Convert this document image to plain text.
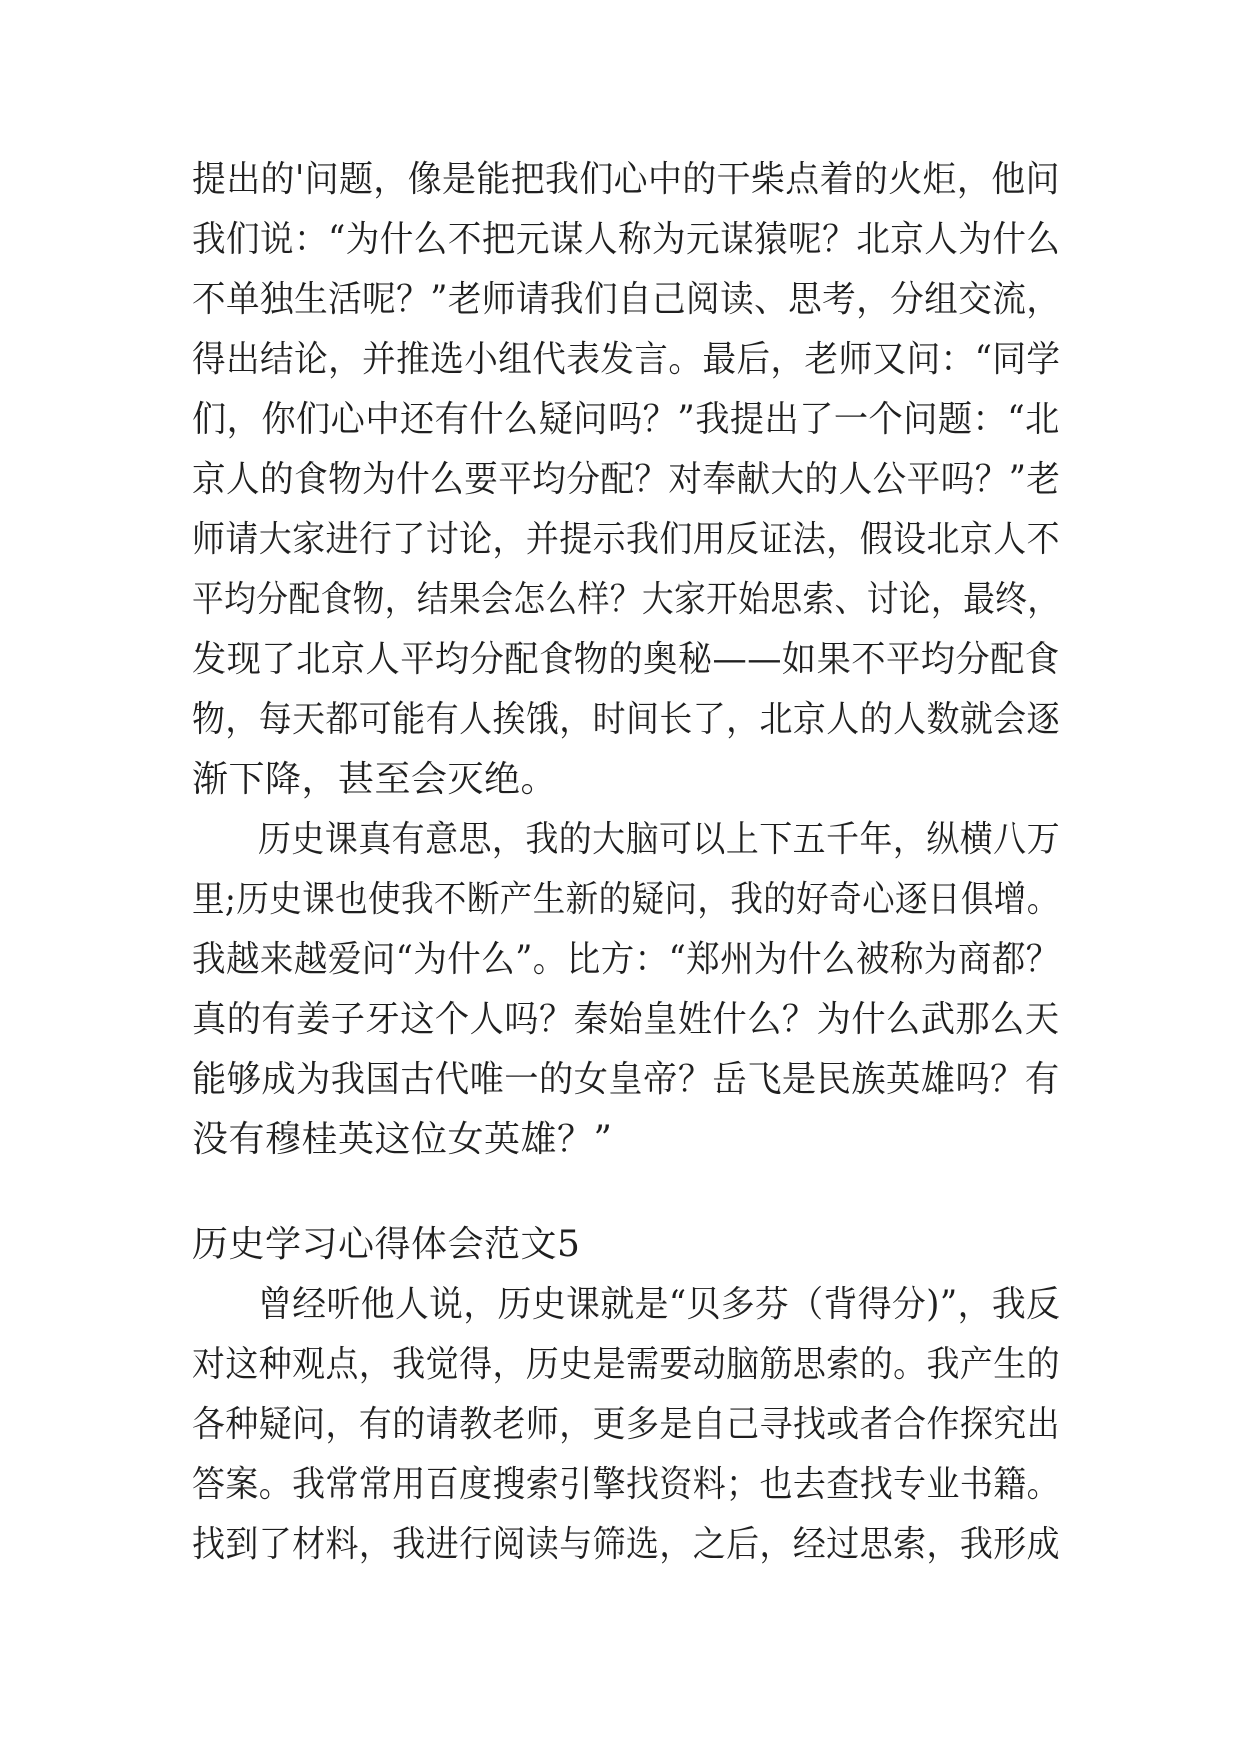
提出的'问题，像是能把我们心中的干柴点着的火炬，他问
我们说：“为什么不把元谋人称为元谋猿呢？北京人为什么
不单独生活呢？”老师请我们自己阅读、思考，分组交流，
得出结论，并推选小组代表发言。最后，老师又问：“同学
们，你们心中还有什么疑问吗？”我提出了一个问题：“北
京人的食物为什么要平均分配？对奉献大的人公平吗？”老
师请大家进行了讨论，并提示我们用反证法，假设北京人不
平均分配食物，结果会怎么样？大家开始思索、讨论，最终，
发现了北京人平均分配食物的奥秘——如果不平均分配食
物，每天都可能有人挨饿，时间长了，北京人的人数就会逐
渐下降，甚至会灭绝。
历史课真有意思，我的大脑可以上下五千年，纵横八万
里;历史课也使我不断产生新的疑问，我的好奇心逐日俱增。
我越来越爱问“为什么”。比方：“郑州为什么被称为商都？
真的有姜子牙这个人吗？秦始皇姓什么？为什么武那么天
能够成为我国古代唯一的女皇帝？岳飞是民族英雄吗？有
没有穆桂英这位女英雄？”
历史学习心得体会范文5
曾经听他人说，历史课就是“贝多芬（背得分)”，我反
对这种观点，我觉得，历史是需要动脑筋思索的。我产生的
各种疑问，有的请教老师，更多是自己寻找或者合作探究出
答案。我常常用百度搜索引擎找资料；也去查找专业书籍。
找到了材料，我进行阅读与筛选，之后，经过思索，我形成
